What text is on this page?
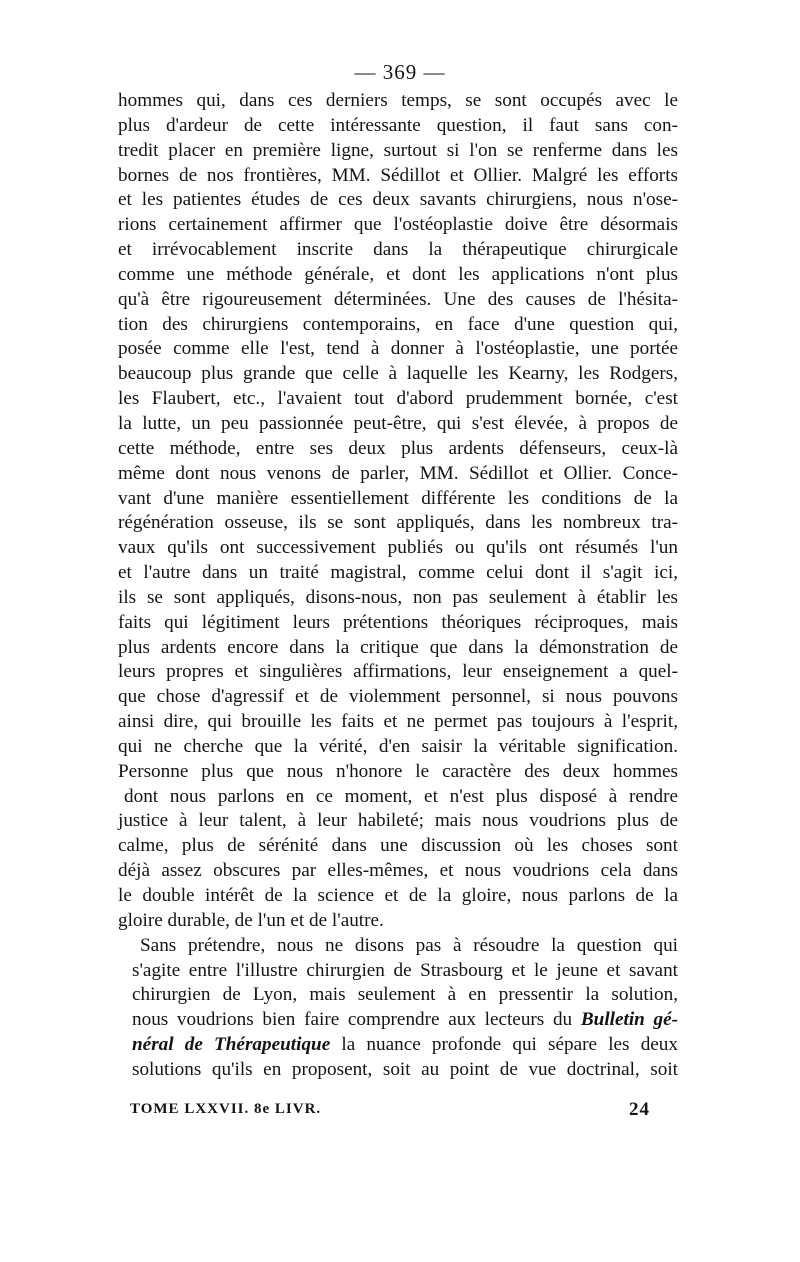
— 369 —
hommes qui, dans ces derniers temps, se sont occupés avec le
plus d'ardeur de cette intéressante question, il faut sans con-
tredit placer en première ligne, surtout si l'on se renferme dans les
bornes de nos frontières, MM. Sédillot et Ollier. Malgré les efforts
et les patientes études de ces deux savants chirurgiens, nous n'ose-
rions certainement affirmer que l'ostéoplastie doive être désormais
et irrévocablement inscrite dans la thérapeutique chirurgicale
comme une méthode générale, et dont les applications n'ont plus
qu'à être rigoureusement déterminées. Une des causes de l'hésita-
tion des chirurgiens contemporains, en face d'une question qui,
posée comme elle l'est, tend à donner à l'ostéoplastie, une portée
beaucoup plus grande que celle à laquelle les Kearny, les Rodgers,
les Flaubert, etc., l'avaient tout d'abord prudemment bornée, c'est
la lutte, un peu passionnée peut-être, qui s'est élevée, à propos de
cette méthode, entre ses deux plus ardents défenseurs, ceux-là
même dont nous venons de parler, MM. Sédillot et Ollier. Conce-
vant d'une manière essentiellement différente les conditions de la
régénération osseuse, ils se sont appliqués, dans les nombreux tra-
vaux qu'ils ont successivement publiés ou qu'ils ont résumés l'un
et l'autre dans un traité magistral, comme celui dont il s'agit ici,
ils se sont appliqués, disons-nous, non pas seulement à établir les
faits qui légitiment leurs prétentions théoriques réciproques, mais
plus ardents encore dans la critique que dans la démonstration de
leurs propres et singulières affirmations, leur enseignement a quel-
que chose d'agressif et de violemment personnel, si nous pouvons
ainsi dire, qui brouille les faits et ne permet pas toujours à l'esprit,
qui ne cherche que la vérité, d'en saisir la véritable signification.
Personne plus que nous n'honore le caractère des deux hommes
dont nous parlons en ce moment, et n'est plus disposé à rendre
justice à leur talent, à leur habileté; mais nous voudrions plus de
calme, plus de sérénité dans une discussion où les choses sont
déjà assez obscures par elles-mêmes, et nous voudrions cela dans
le double intérêt de la science et de la gloire, nous parlons de la
gloire durable, de l'un et de l'autre.
Sans prétendre, nous ne disons pas à résoudre la question qui
s'agite entre l'illustre chirurgien de Strasbourg et le jeune et savant
chirurgien de Lyon, mais seulement à en pressentir la solution,
nous voudrions bien faire comprendre aux lecteurs du Bulletin gé-
néral de Thérapeutique la nuance profonde qui sépare les deux
solutions qu'ils en proposent, soit au point de vue doctrinal, soit
TOME LXXVII. 8e LIVR.	24
